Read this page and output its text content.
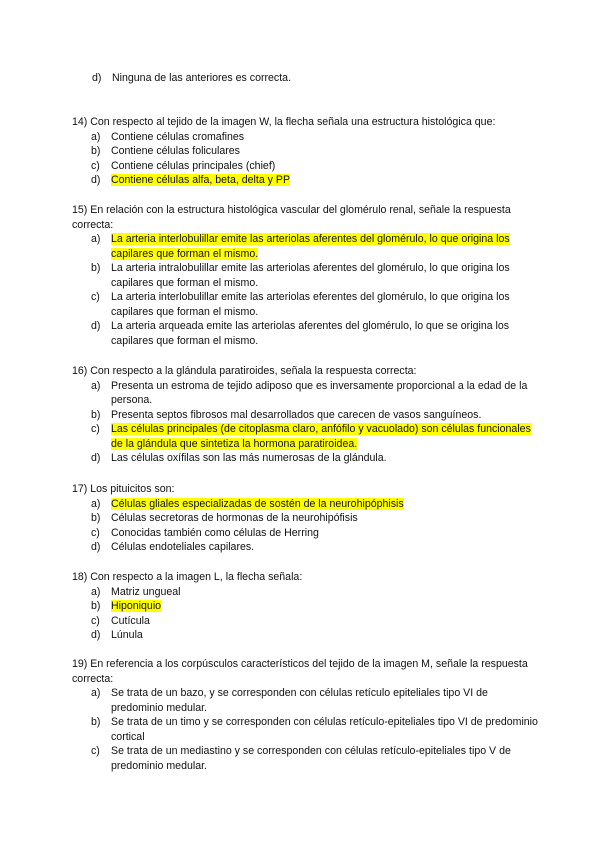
d) Ninguna de las anteriores es correcta.

14) Con respecto al tejido de la imagen W, la flecha señala una estructura histológica que:

a) Contiene células cromafines
b) Contiene células foliculares
c)	Contiene células principales (chief)
d) Contiene células alfa, beta, delta y PP

15) En relación con la estructura histológica vascular del glomérulo renal, señale la respuesta correcta:

a) La arteria interlobulillar emite las arteriolas aferentes del glomérulo, lo que origina los capilares que forman el mismo.
b) La arteria intralobulillar emite las arteriolas aferentes del glomérulo, lo que origina los capilares que forman el mismo.
c)	La arteria interlobulillar emite las arteriolas eferentes del glomérulo, lo que origina los capilares que forman el mismo.
d) La arteria arqueada emite las arteriolas aferentes del glomérulo, lo que se origina los capilares que forman el mismo.

16) Con respecto a la glándula paratiroides, señala la respuesta correcta:

a) Presenta un estroma de tejido adiposo que es inversamente proporcional a la edad de la persona.
b) Presenta septos fibrosos mal desarrollados que carecen de vasos sanguíneos.
c)	Las células principales (de citoplasma claro, anfófilo y vacuolado) son células funcionales de la glándula que sintetiza la hormona paratiroidea.
d) Las células oxífilas son las más numerosas de la glándula.

17) Los pituicitos son:

a) Células gliales especializadas de sostén de la neurohipóphisis
b) Células secretoras de hormonas de la neurohipófisis
c)	Conocidas también como células de Herring
d) Células endoteliales capilares.

18) Con respecto a la imagen L, la flecha señala:

a) Matriz ungueal
b) Hiponiquio
c)	Cutícula
d) Lúnula

19) En referencia a los corpúsculos característicos del tejido de la imagen M, señale la respuesta correcta:

a) Se trata de un bazo, y se corresponden con células retículo epiteliales tipo VI de predominio medular.
b) Se trata de un timo y se corresponden con células retículo-epiteliales tipo VI de predominio cortical
c)	Se trata de un mediastino y se corresponden con células retículo-epiteliales tipo V de predominio medular.
